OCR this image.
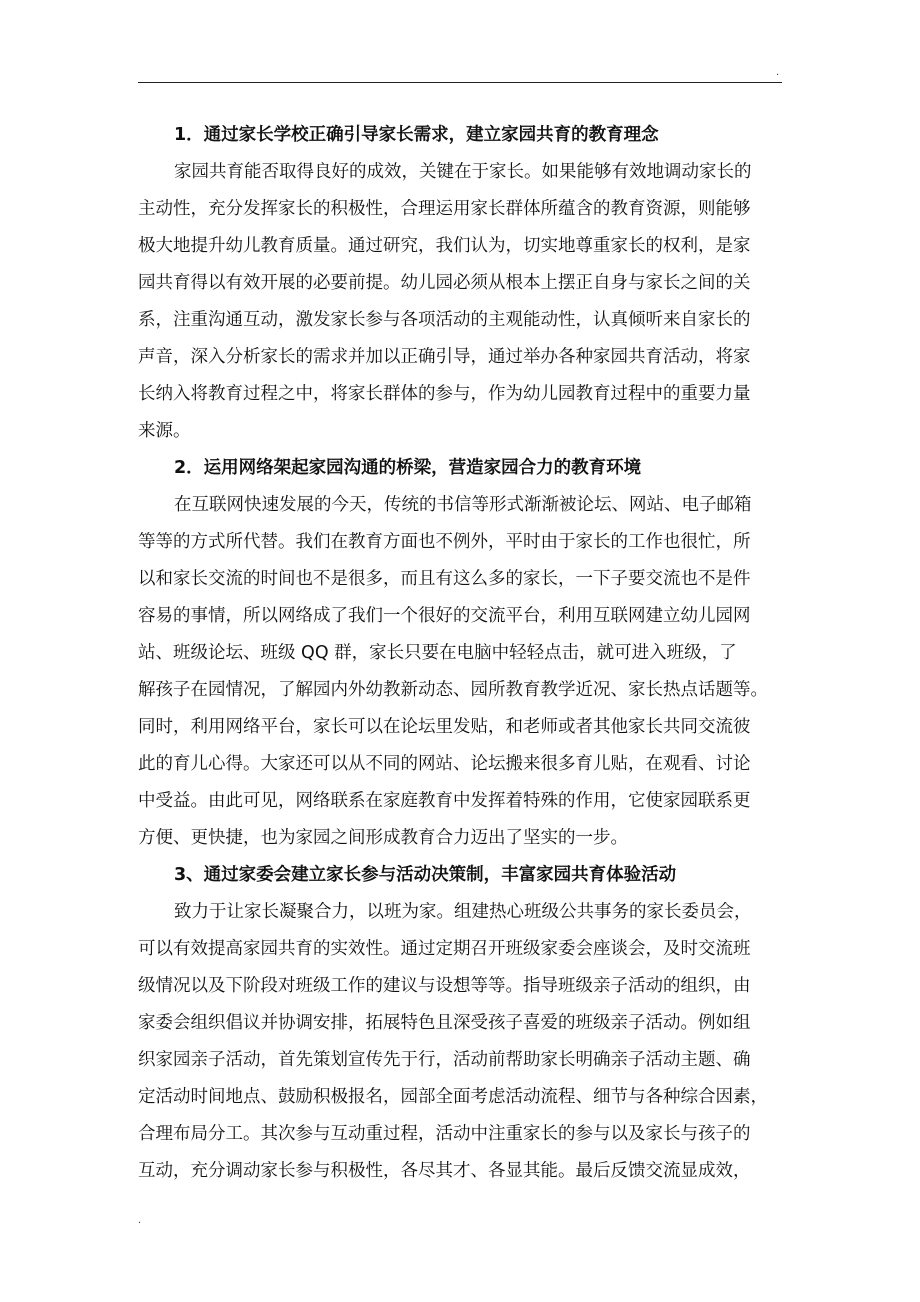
.
1．通过家长学校正确引导家长需求，建立家园共育的教育理念

家园共育能否取得良好的成效，关键在于家长。如果能够有效地调动家长的
主动性，充分发挥家长的积极性，合理运用家长群体所蕴含的教育资源，则能够
极大地提升幼儿教育质量。通过研究，我们认为，切实地尊重家长的权利，是家
园共育得以有效开展的必要前提。幼儿园必须从根本上摆正自身与家长之间的关
系，注重沟通互动，激发家长参与各项活动的主观能动性，认真倾听来自家长的
声音，深入分析家长的需求并加以正确引导，通过举办各种家园共育活动，将家
长纳入将教育过程之中，将家长群体的参与，作为幼儿园教育过程中的重要力量
来源。

2．运用网络架起家园沟通的桥梁，营造家园合力的教育环境

在互联网快速发展的今天，传统的书信等形式渐渐被论坛、网站、电子邮箱
等等的方式所代替。我们在教育方面也不例外，平时由于家长的工作也很忙，所
以和家长交流的时间也不是很多，而且有这么多的家长，一下子要交流也不是件
容易的事情，所以网络成了我们一个很好的交流平台，利用互联网建立幼儿园网
站、班级论坛、班级 QQ 群，家长只要在电脑中轻轻点击，就可进入班级，了
解孩子在园情况，了解园内外幼教新动态、园所教育教学近况、家长热点话题等。
同时，利用网络平台，家长可以在论坛里发贴，和老师或者其他家长共同交流彼
此的育儿心得。大家还可以从不同的网站、论坛搬来很多育儿贴，在观看、讨论
中受益。由此可见，网络联系在家庭教育中发挥着特殊的作用，它使家园联系更
方便、更快捷，也为家园之间形成教育合力迈出了坚实的一步。

3、通过家委会建立家长参与活动决策制，丰富家园共育体验活动

致力于让家长凝聚合力，以班为家。组建热心班级公共事务的家长委员会，
可以有效提高家园共育的实效性。通过定期召开班级家委会座谈会，及时交流班
级情况以及下阶段对班级工作的建议与设想等等。指导班级亲子活动的组织，由
家委会组织倡议并协调安排，拓展特色且深受孩子喜爱的班级亲子活动。例如组
织家园亲子活动，首先策划宣传先于行，活动前帮助家长明确亲子活动主题、确
定活动时间地点、鼓励积极报名，园部全面考虑活动流程、细节与各种综合因素，
合理布局分工。其次参与互动重过程，活动中注重家长的参与以及家长与孩子的
互动，充分调动家长参与积极性，各尽其才、各显其能。最后反馈交流显成效，

.
